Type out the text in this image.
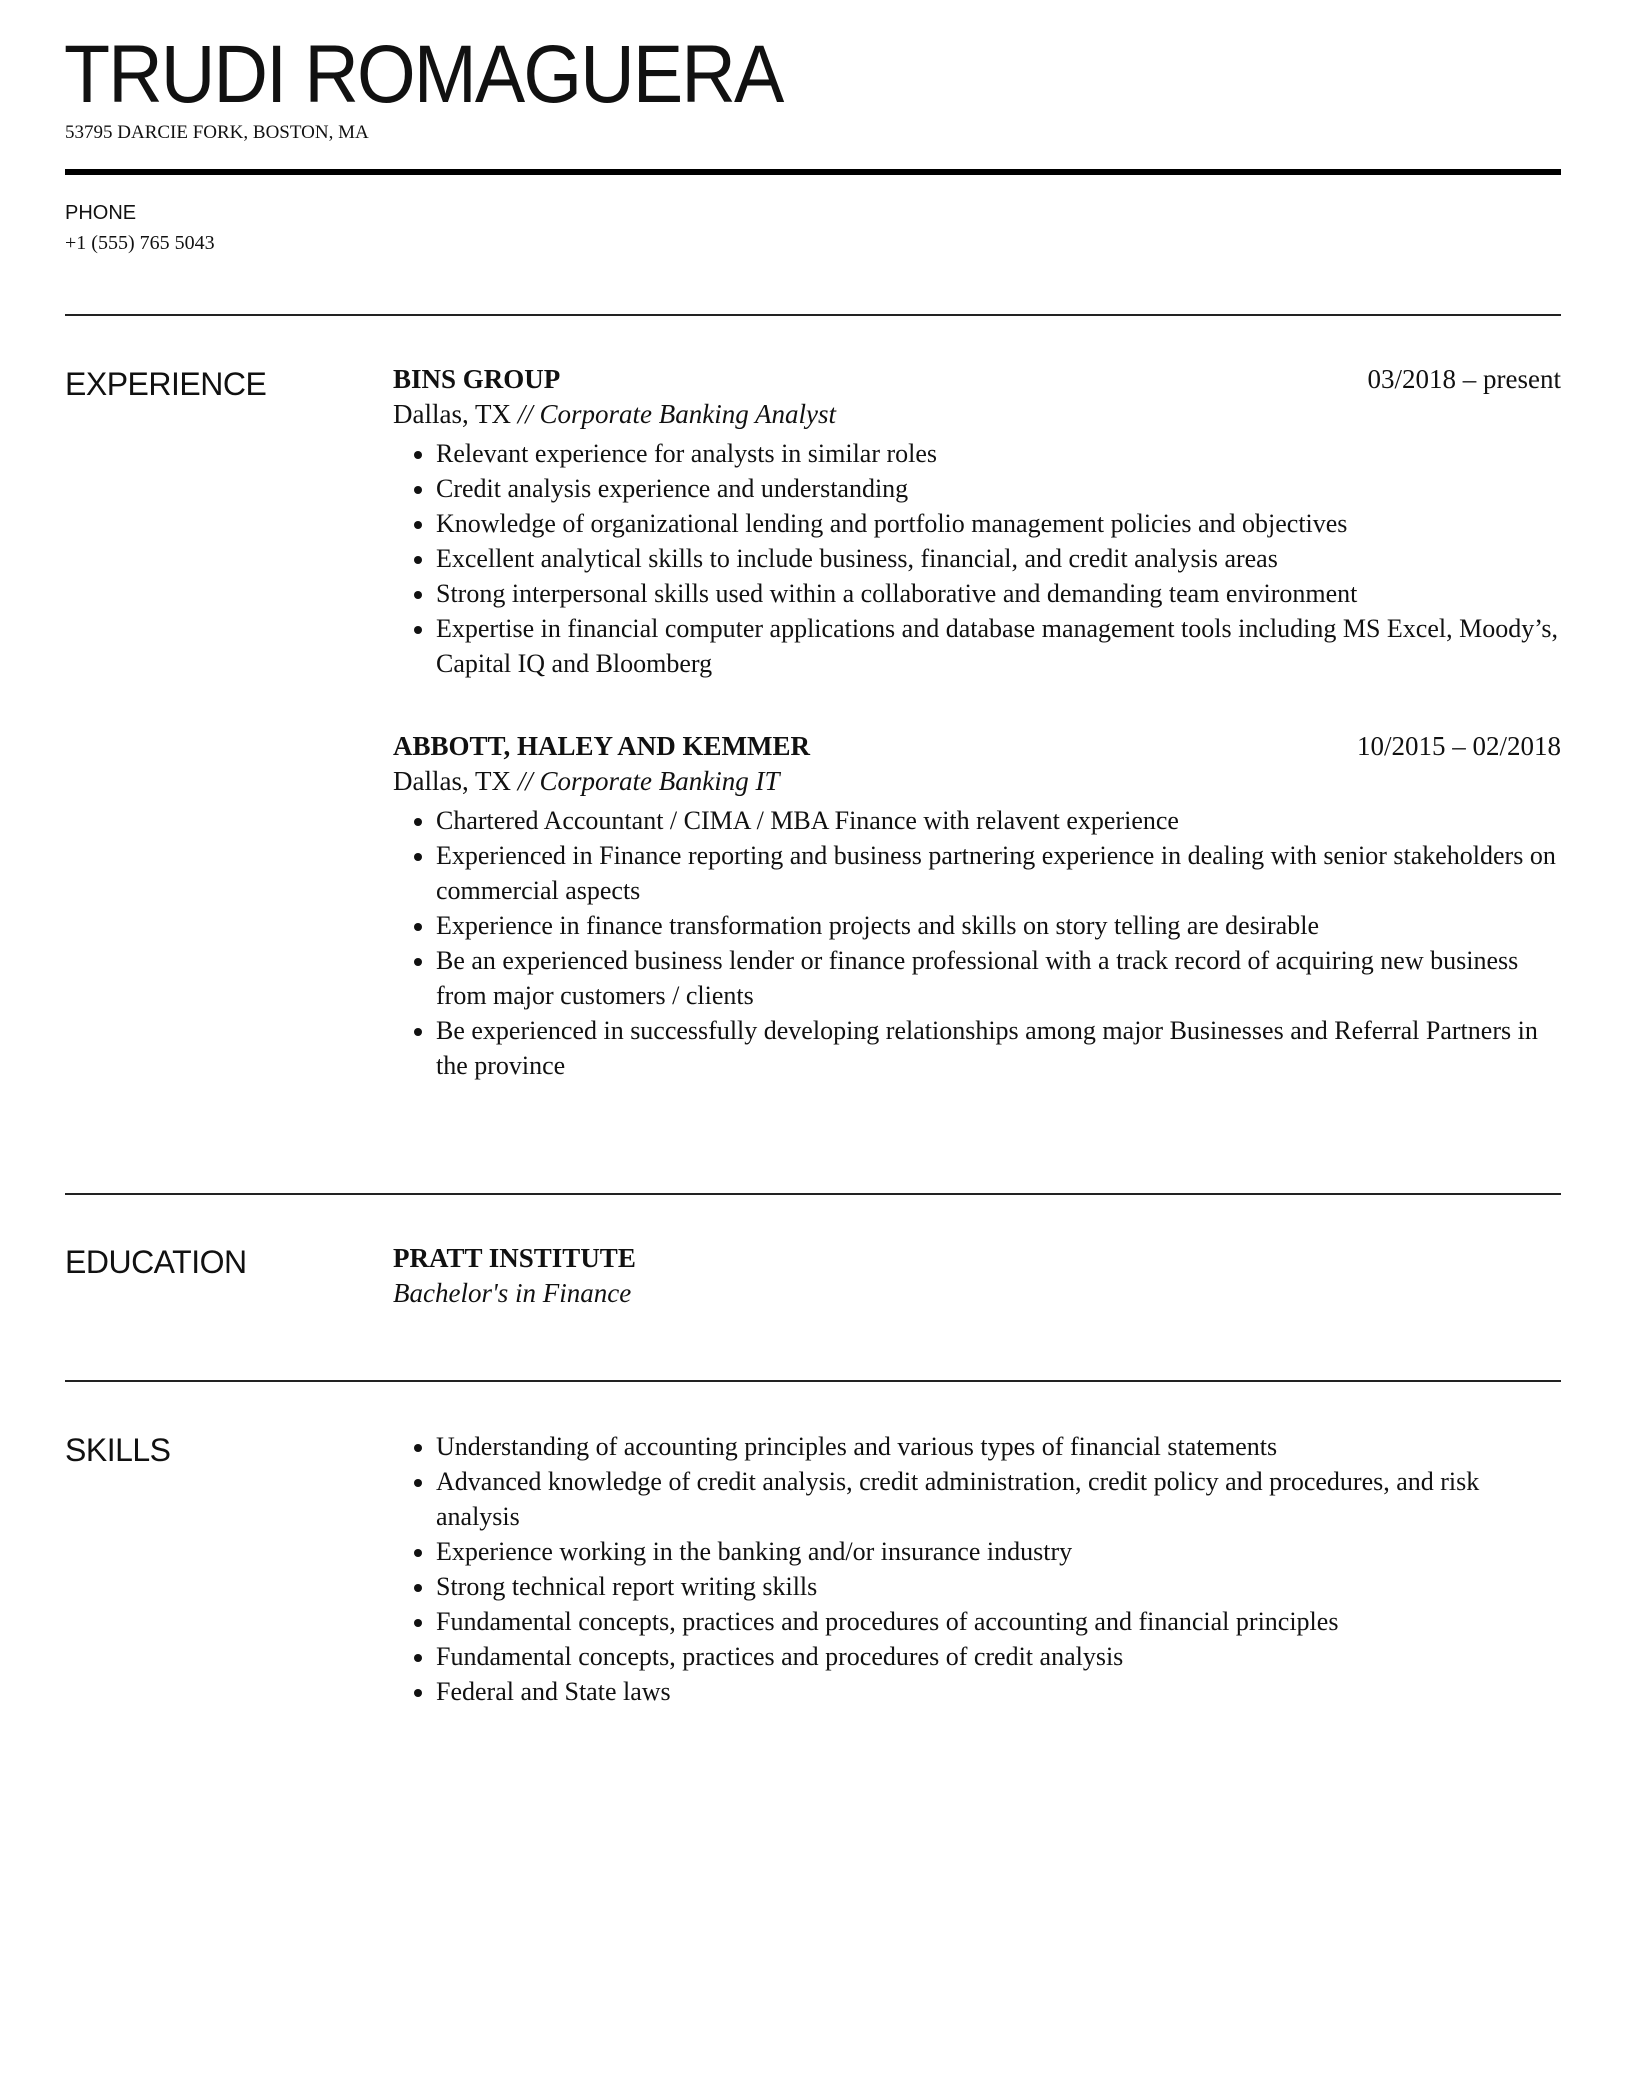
TRUDI ROMAGUERA
53795 DARCIE FORK, BOSTON, MA
PHONE
+1 (555) 765 5043
EXPERIENCE	BINS GROUP	03/2018 – present
Dallas, TX // Corporate Banking Analyst
• Relevant experience for analysts in similar roles
• Credit analysis experience and understanding
• Knowledge of organizational lending and portfolio management policies and objectives
• Excellent analytical skills to include business, financial, and credit analysis areas
• Strong interpersonal skills used within a collaborative and demanding team environment
• Expertise in financial computer applications and database management tools including MS Excel, Moody’s, Capital IQ and Bloomberg
ABBOTT, HALEY AND KEMMER	10/2015 – 02/2018
Dallas, TX // Corporate Banking IT
• Chartered Accountant / CIMA / MBA Finance with relavent experience
• Experienced in Finance reporting and business partnering experience in dealing with senior stakeholders on commercial aspects
• Experience in finance transformation projects and skills on story telling are desirable
• Be an experienced business lender or finance professional with a track record of acquiring new business from major customers / clients
• Be experienced in successfully developing relationships among major Businesses and Referral Partners in the province
EDUCATION	PRATT INSTITUTE
Bachelor's in Finance
SKILLS	• Understanding of accounting principles and various types of financial statements
• Advanced knowledge of credit analysis, credit administration, credit policy and procedures, and risk analysis
• Experience working in the banking and/or insurance industry
• Strong technical report writing skills
• Fundamental concepts, practices and procedures of accounting and financial principles
• Fundamental concepts, practices and procedures of credit analysis
• Federal and State laws
